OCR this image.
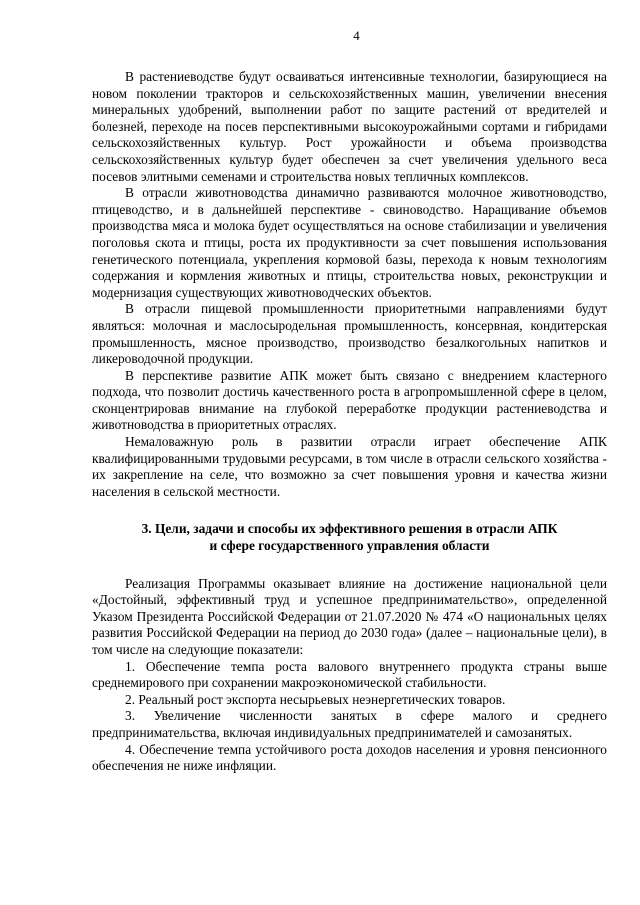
4

В растениеводстве будут осваиваться интенсивные технологии, базирующиеся на новом поколении тракторов и сельскохозяйственных машин, увеличении внесения минеральных удобрений, выполнении работ по защите растений от вредителей и болезней, переходе на посев перспективными высокоурожайными сортами и гибридами сельскохозяйственных культур. Рост урожайности и объема производства сельскохозяйственных культур будет обеспечен за счет увеличения удельного веса посевов элитными семенами и строительства новых тепличных комплексов.

В отрасли животноводства динамично развиваются молочное животноводство, птицеводство, и в дальнейшей перспективе - свиноводство. Наращивание объемов производства мяса и молока будет осуществляться на основе стабилизации и увеличения поголовья скота и птицы, роста их продуктивности за счет повышения использования генетического потенциала, укрепления кормовой базы, перехода к новым технологиям содержания и кормления животных и птицы, строительства новых, реконструкции и модернизация существующих животноводческих объектов.

В отрасли пищевой промышленности приоритетными направлениями будут являться: молочная и маслосыродельная промышленность, консервная, кондитерская промышленность, мясное производство, производство безалкогольных напитков и ликероводочной продукции.

В перспективе развитие АПК может быть связано с внедрением кластерного подхода, что позволит достичь качественного роста в агропромышленной сфере в целом, сконцентрировав внимание на глубокой переработке продукции растениеводства и животноводства в приоритетных отраслях.

Немаловажную роль в развитии отрасли играет обеспечение АПК квалифицированными трудовыми ресурсами, в том числе в отрасли сельского хозяйства - их закрепление на селе, что возможно за счет повышения уровня и качества жизни населения в сельской местности.

3. Цели, задачи и способы их эффективного решения в отрасли АПК
и сфере государственного управления области

Реализация Программы оказывает влияние на достижение национальной цели «Достойный, эффективный труд и успешное предпринимательство», определенной Указом Президента Российской Федерации от 21.07.2020 № 474 «О национальных целях развития Российской Федерации на период до 2030 года» (далее – национальные цели), в том числе на следующие показатели:

1. Обеспечение темпа роста валового внутреннего продукта страны выше среднемирового при сохранении макроэкономической стабильности.

2. Реальный рост экспорта несырьевых неэнергетических товаров.

3. Увеличение численности занятых в сфере малого и среднего предпринимательства, включая индивидуальных предпринимателей и самозанятых.

4. Обеспечение темпа устойчивого роста доходов населения и уровня пенсионного обеспечения не ниже инфляции.
